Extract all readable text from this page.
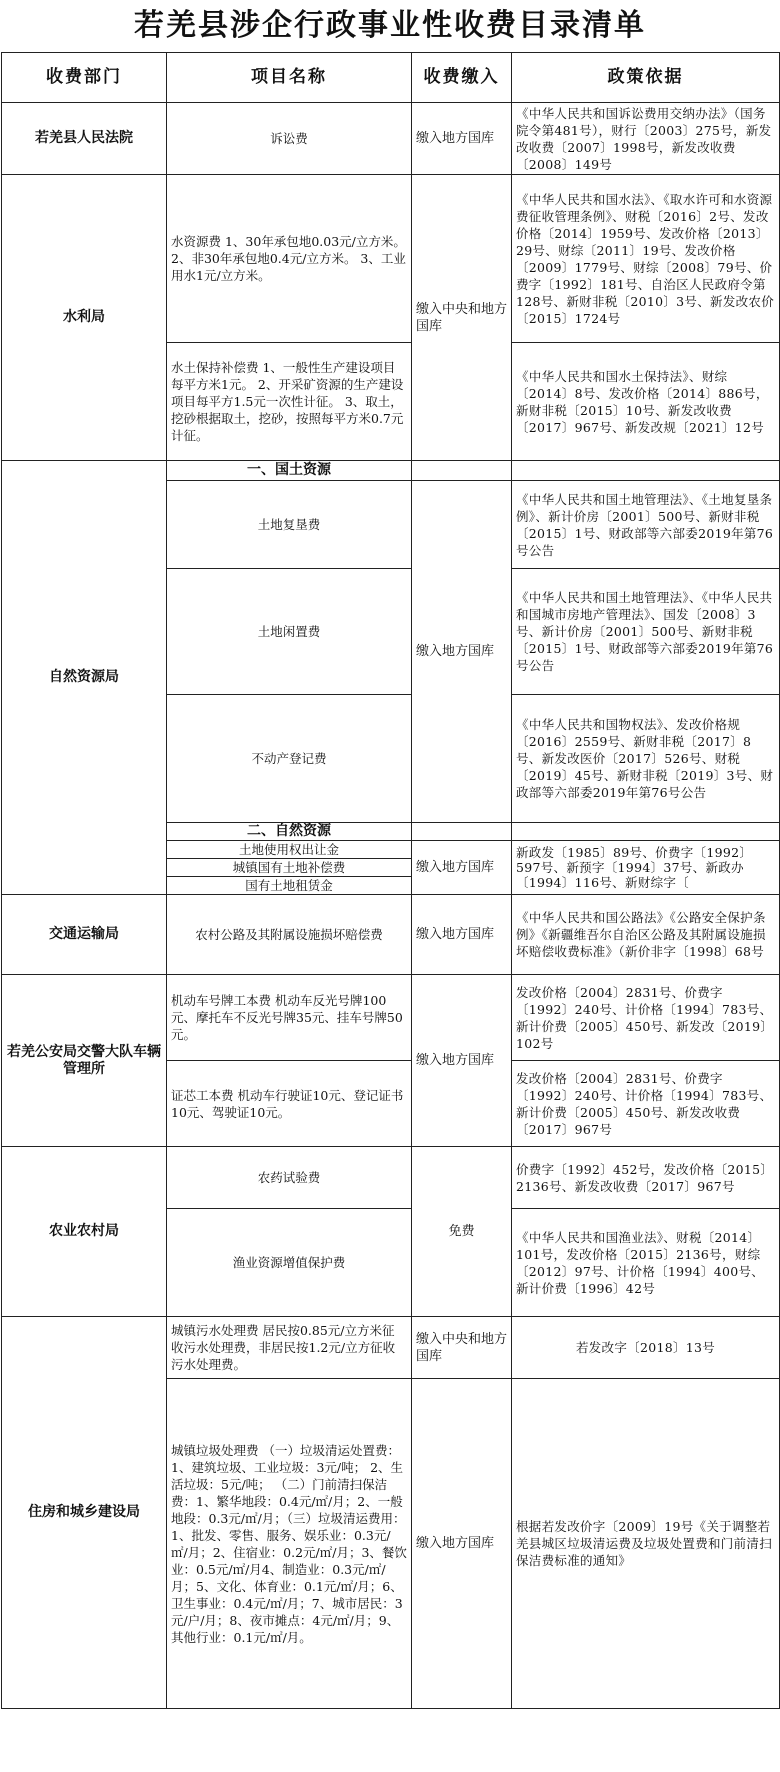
若羌县涉企行政事业性收费目录清单
收费部门	项目名称	收费缴入	政策依据
若羌县人民法院	诉讼费	缴入地方国库	《中华人民共和国诉讼费用交纳办法》（国务院令第481号），财行〔2003〕275号，新发改收费〔2007〕1998号，新发改收费〔2008〕149号
水利局	水资源费 1、30年承包地0.03元/立方米。 2、非30年承包地0.4元/立方米。 3、工业用水1元/立方米。	缴入中央和地方国库	《中华人民共和国水法》、《取水许可和水资源费征收管理条例》、财税〔2016〕2号、发改价格〔2014〕1959号、发改价格〔2013〕29号、财综〔2011〕19号、发改价格〔2009〕1779号、财综〔2008〕79号、价费字〔1992〕181号、自治区人民政府令第128号、新财非税〔2010〕3号、新发改农价〔2015〕1724号
	水土保持补偿费 1、一般性生产建设项目每平方米1元。 2、开采矿资源的生产建设项目每平方1.5元一次性计征。 3、取土，挖砂根据取土，挖砂，按照每平方米0.7元计征。		《中华人民共和国水土保持法》、财综〔2014〕8号、发改价格〔2014〕886号，新财非税〔2015〕10号、新发改收费〔2017〕967号、新发改规〔2021〕12号
自然资源局	一、国土资源		
	土地复垦费	缴入地方国库	《中华人民共和国土地管理法》、《土地复垦条例》、新计价房〔2001〕500号、新财非税〔2015〕1号、财政部等六部委2019年第76号公告
	土地闲置费		《中华人民共和国土地管理法》、《中华人民共和国城市房地产管理法》、国发〔2008〕3号、新计价房〔2001〕500号、新财非税〔2015〕1号、财政部等六部委2019年第76号公告
	不动产登记费		《中华人民共和国物权法》、发改价格规〔2016〕2559号、新财非税〔2017〕8号、新发改医价〔2017〕526号、财税〔2019〕45号、新财非税〔2019〕3号、财政部等六部委2019年第76号公告
	二、自然资源		
	土地使用权出让金	缴入地方国库	新政发〔1985〕89号、价费字〔1992〕597号、新预字〔1994〕37号、新政办〔1994〕116号、新财综字〔
	城镇国有土地补偿费		
	国有土地租赁金		
交通运输局	农村公路及其附属设施损坏赔偿费	缴入地方国库	《中华人民共和国公路法》《公路安全保护条例》《新疆维吾尔自治区公路及其附属设施损坏赔偿收费标准》（新价非字〔1998〕68号
若羌公安局交警大队车辆管理所	机动车号牌工本费 机动车反光号牌100元、摩托车不反光号牌35元、挂车号牌50元。	缴入地方国库	发改价格〔2004〕2831号、价费字〔1992〕240号、计价格〔1994〕783号、新计价费〔2005〕450号、新发改〔2019〕102号
	证芯工本费 机动车行驶证10元、登记证书10元、驾驶证10元。		发改价格〔2004〕2831号、价费字〔1992〕240号、计价格〔1994〕783号、新计价费〔2005〕450号、新发改收费〔2017〕967号
农业农村局	农药试验费	免费	价费字〔1992〕452号，发改价格〔2015〕2136号、新发改收费〔2017〕967号
	渔业资源增值保护费		《中华人民共和国渔业法》、财税〔2014〕101号，发改价格〔2015〕2136号，财综〔2012〕97号、计价格〔1994〕400号、新计价费〔1996〕42号
住房和城乡建设局	城镇污水处理费 居民按0.85元/立方米征收污水处理费，非居民按1.2元/立方征收污水处理费。	缴入中央和地方国库	若发改字〔2018〕13号
	城镇垃圾处理费 （一）垃圾清运处置费：1、建筑垃圾、工业垃圾：3元/吨； 2、生活垃圾：5元/吨； （二）门前清扫保洁费：1、繁华地段：0.4元/㎡/月；2、一般地段：0.3元/㎡/月；（三）垃圾清运费用：1、批发、零售、服务、娱乐业：0.3元/㎡/月；2、住宿业：0.2元/㎡/月；3、餐饮业：0.5元/㎡/月4、制造业：0.3元/㎡/月；5、文化、体育业：0.1元/㎡/月；6、卫生事业：0.4元/㎡/月；7、城市居民：3元/户/月；8、夜市摊点：4元/㎡/月；9、其他行业：0.1元/㎡/月。	缴入地方国库	根据若发改价字〔2009〕19号《关于调整若羌县城区垃圾清运费及垃圾处置费和门前清扫保洁费标准的通知》
